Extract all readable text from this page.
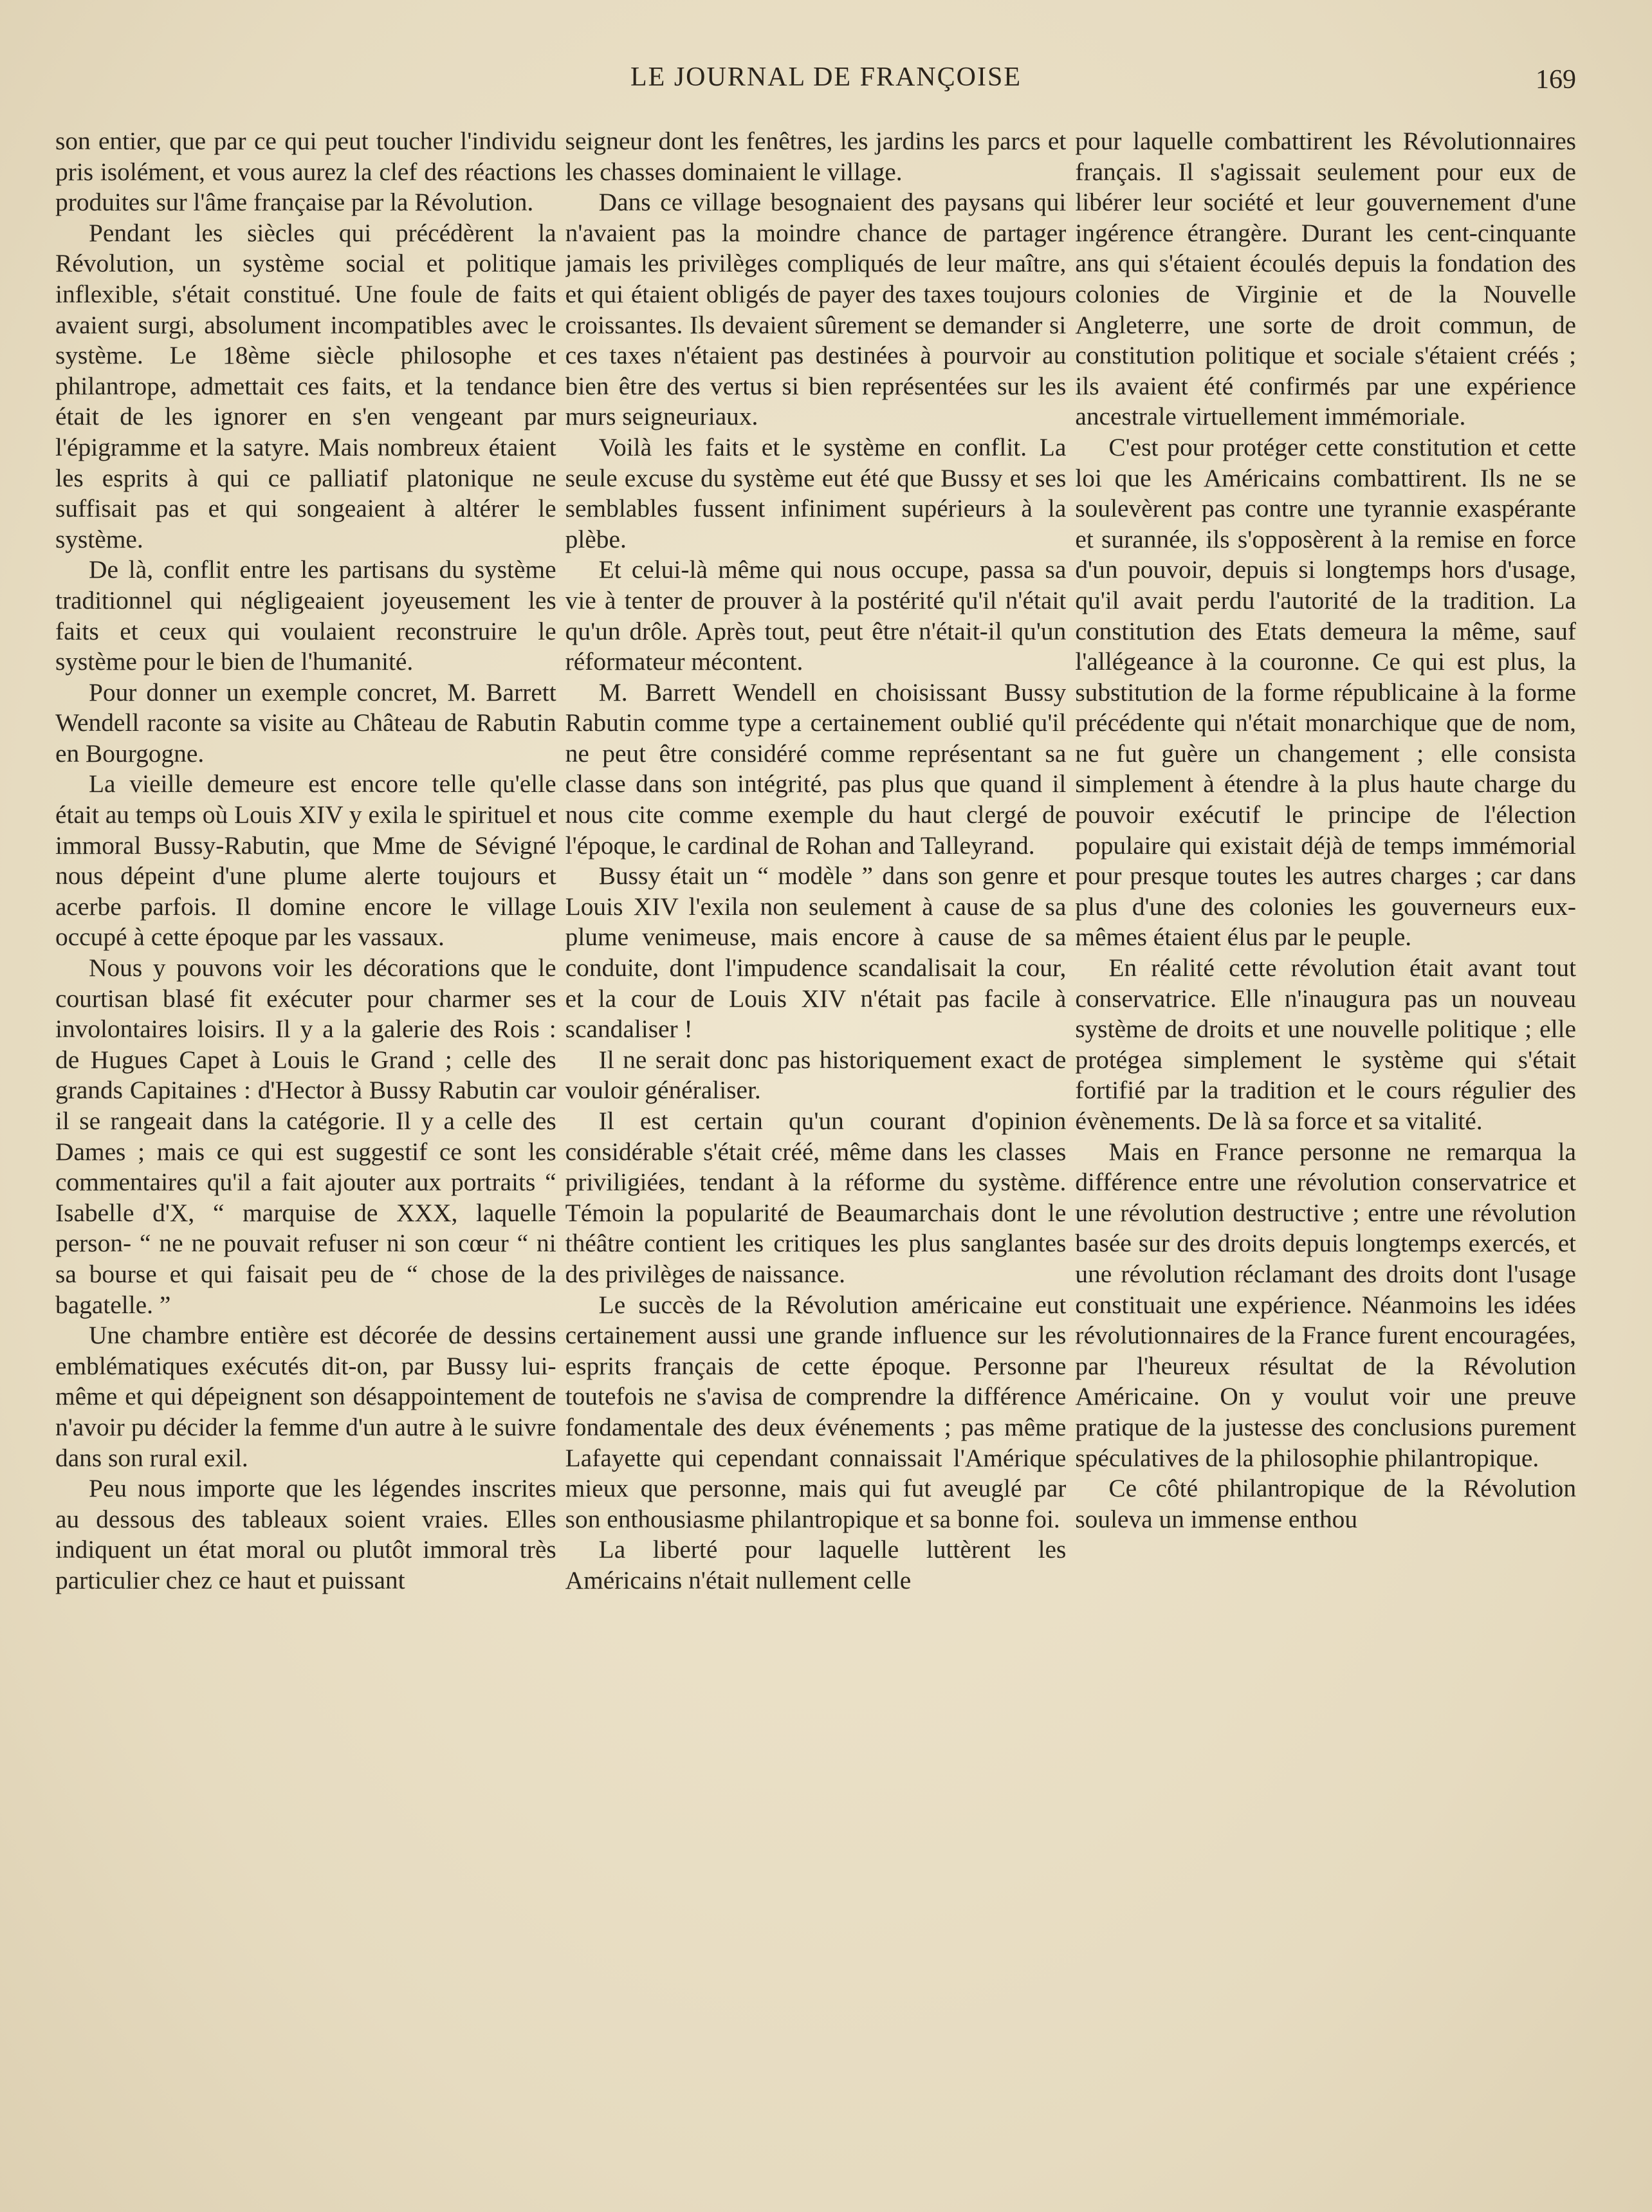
LE JOURNAL DE FRANÇOISE	169

son entier, que par ce qui peut toucher l'individu pris isolément, et vous aurez la clef des réactions produites sur l'âme française par la Révolution.

Pendant les siècles qui précédèrent la Révolution, un système social et politique inflexible, s'était constitué. Une foule de faits avaient surgi, absolument incompatibles avec le système. Le 18ème siècle philosophe et philantrope, admettait ces faits, et la tendance était de les ignorer en s'en vengeant par l'épigramme et la satyre. Mais nombreux étaient les esprits à qui ce palliatif platonique ne suffisait pas et qui songeaient à altérer le système.

De là, conflit entre les partisans du système traditionnel qui négligeaient joyeusement les faits et ceux qui voulaient reconstruire le système pour le bien de l'humanité.

Pour donner un exemple concret, M. Barrett Wendell raconte sa visite au Château de Rabutin en Bourgogne.

La vieille demeure est encore telle qu'elle était au temps où Louis XIV y exila le spirituel et immoral Bussy-Rabutin, que Mme de Sévigné nous dépeint d'une plume alerte toujours et acerbe parfois. Il domine encore le village occupé à cette époque par les vassaux.

Nous y pouvons voir les décorations que le courtisan blasé fit exécuter pour charmer ses involontaires loisirs. Il y a la galerie des Rois : de Hugues Capet à Louis le Grand ; celle des grands Capitaines : d'Hector à Bussy Rabutin car il se rangeait dans la catégorie. Il y a celle des Dames ; mais ce qui est suggestif ce sont les commentaires qu'il a fait ajouter aux portraits “ Isabelle d'X, “ marquise de XXX, laquelle person- “ ne ne pouvait refuser ni son cœur “ ni sa bourse et qui faisait peu de “ chose de la bagatelle. ”

Une chambre entière est décorée de dessins emblématiques exécutés dit-on, par Bussy lui-même et qui dépeignent son désappointement de n'avoir pu décider la femme d'un autre à le suivre dans son rural exil.

Peu nous importe que les légendes inscrites au dessous des tableaux soient vraies. Elles indiquent un état moral ou plutôt immoral très particulier chez ce haut et puissant

seigneur dont les fenêtres, les jardins les parcs et les chasses dominaient le village.

Dans ce village besognaient des paysans qui n'avaient pas la moindre chance de partager jamais les privilèges compliqués de leur maître, et qui étaient obligés de payer des taxes toujours croissantes. Ils devaient sûrement se demander si ces taxes n'étaient pas destinées à pourvoir au bien être des vertus si bien représentées sur les murs seigneuriaux.

Voilà les faits et le système en conflit. La seule excuse du système eut été que Bussy et ses semblables fussent infiniment supérieurs à la plèbe.

Et celui-là même qui nous occupe, passa sa vie à tenter de prouver à la postérité qu'il n'était qu'un drôle. Après tout, peut être n'était-il qu'un réformateur mécontent.

M. Barrett Wendell en choisissant Bussy Rabutin comme type a certainement oublié qu'il ne peut être considéré comme représentant sa classe dans son intégrité, pas plus que quand il nous cite comme exemple du haut clergé de l'époque, le cardinal de Rohan and Talleyrand.

Bussy était un “ modèle ” dans son genre et Louis XIV l'exila non seulement à cause de sa plume venimeuse, mais encore à cause de sa conduite, dont l'impudence scandalisait la cour, et la cour de Louis XIV n'était pas facile à scandaliser !

Il ne serait donc pas historiquement exact de vouloir généraliser.

Il est certain qu'un courant d'opinion considérable s'était créé, même dans les classes priviligiées, tendant à la réforme du système. Témoin la popularité de Beaumarchais dont le théâtre contient les critiques les plus sanglantes des privilèges de naissance.

Le succès de la Révolution américaine eut certainement aussi une grande influence sur les esprits français de cette époque. Personne toutefois ne s'avisa de comprendre la différence fondamentale des deux événements ; pas même Lafayette qui cependant connaissait l'Amérique mieux que personne, mais qui fut aveuglé par son enthousiasme philantropique et sa bonne foi.

La liberté pour laquelle luttèrent les Américains n'était nullement celle

pour laquelle combattirent les Révolutionnaires français. Il s'agissait seulement pour eux de libérer leur société et leur gouvernement d'une ingérence étrangère. Durant les cent-cinquante ans qui s'étaient écoulés depuis la fondation des colonies de Virginie et de la Nouvelle Angleterre, une sorte de droit commun, de constitution politique et sociale s'étaient créés ; ils avaient été confirmés par une expérience ancestrale virtuellement immémoriale.

C'est pour protéger cette constitution et cette loi que les Américains combattirent. Ils ne se soulevèrent pas contre une tyrannie exaspérante et surannée, ils s'opposèrent à la remise en force d'un pouvoir, depuis si longtemps hors d'usage, qu'il avait perdu l'autorité de la tradition. La constitution des Etats demeura la même, sauf l'allégeance à la couronne. Ce qui est plus, la substitution de la forme républicaine à la forme précédente qui n'était monarchique que de nom, ne fut guère un changement ; elle consista simplement à étendre à la plus haute charge du pouvoir exécutif le principe de l'élection populaire qui existait déjà de temps immémorial pour presque toutes les autres charges ; car dans plus d'une des colonies les gouverneurs eux-mêmes étaient élus par le peuple.

En réalité cette révolution était avant tout conservatrice. Elle n'inaugura pas un nouveau système de droits et une nouvelle politique ; elle protégea simplement le système qui s'était fortifié par la tradition et le cours régulier des évènements. De là sa force et sa vitalité.

Mais en France personne ne remarqua la différence entre une révolution conservatrice et une révolution destructive ; entre une révolution basée sur des droits depuis longtemps exercés, et une révolution réclamant des droits dont l'usage constituait une expérience. Néanmoins les idées révolutionnaires de la France furent encouragées, par l'heureux résultat de la Révolution Américaine. On y voulut voir une preuve pratique de la justesse des conclusions purement spéculatives de la philosophie philantropique.

Ce côté philantropique de la Révolution souleva un immense enthou
